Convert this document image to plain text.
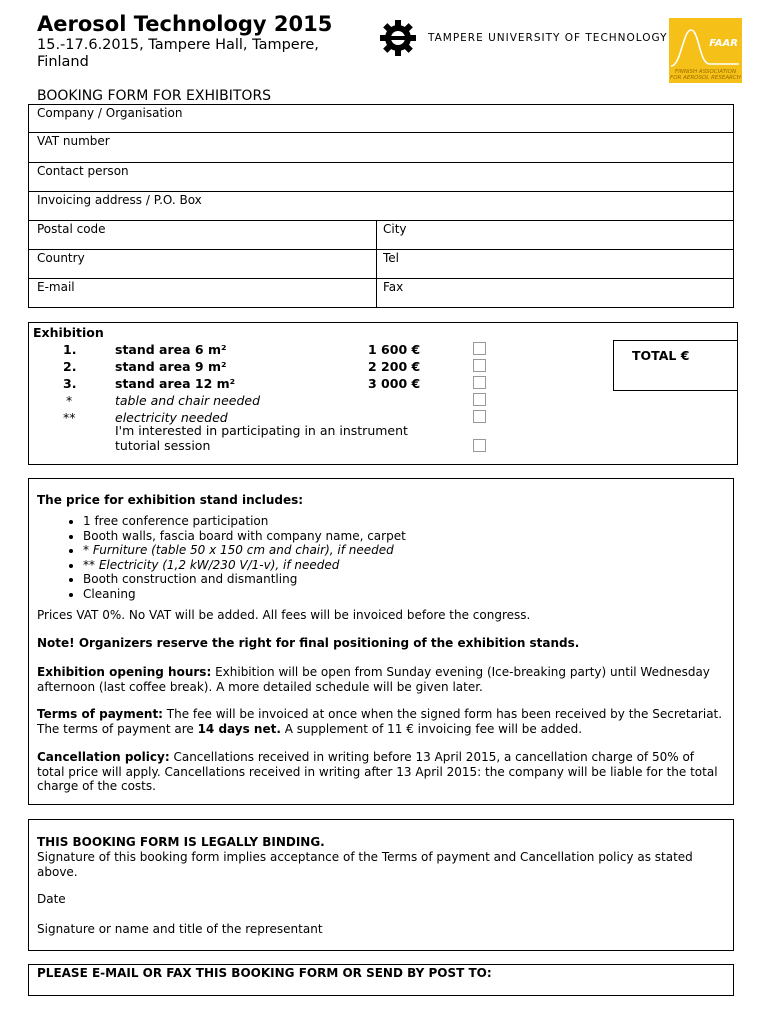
Aerosol Technology 2015
15.-17.6.2015, Tampere Hall, Tampere, Finland
TAMPERE UNIVERSITY OF TECHNOLOGY	FAAR
FINNISH ASSOCIATION FOR AEROSOL RESEARCH
BOOKING FORM FOR EXHIBITORS
Company / Organisation
VAT number
Contact person
Invoicing address / P.O. Box
Postal code	City
Country	Tel
E-mail	Fax
Exhibition
1.	stand area 6 m²	1 600 €
2.	stand area 9 m²	2 200 €
3.	stand area 12 m²	3 000 €
*	table and chair needed
**	electricity needed
I'm interested in participating in an instrument tutorial session
TOTAL €

The price for exhibition stand includes:

• 1 free conference participation
• Booth walls, fascia board with company name, carpet
• * Furniture (table 50 x 150 cm and chair), if needed
• ** Electricity (1,2 kW/230 V/1-v), if needed
• Booth construction and dismantling
• Cleaning

Prices VAT 0%. No VAT will be added. All fees will be invoiced before the congress.

Note! Organizers reserve the right for final positioning of the exhibition stands.

Exhibition opening hours: Exhibition will be open from Sunday evening (Ice-breaking party) until Wednesday afternoon (last coffee break). A more detailed schedule will be given later.

Terms of payment: The fee will be invoiced at once when the signed form has been received by the Secretariat. The terms of payment are 14 days net. A supplement of 11 € invoicing fee will be added.

Cancellation policy: Cancellations received in writing before 13 April 2015, a cancellation charge of 50% of total price will apply. Cancellations received in writing after 13 April 2015: the company will be liable for the total charge of the costs.

THIS BOOKING FORM IS LEGALLY BINDING.

Signature of this booking form implies acceptance of the Terms of payment and Cancellation policy as stated above.

Date

Signature or name and title of the representant

PLEASE E-MAIL OR FAX THIS BOOKING FORM OR SEND BY POST TO:
